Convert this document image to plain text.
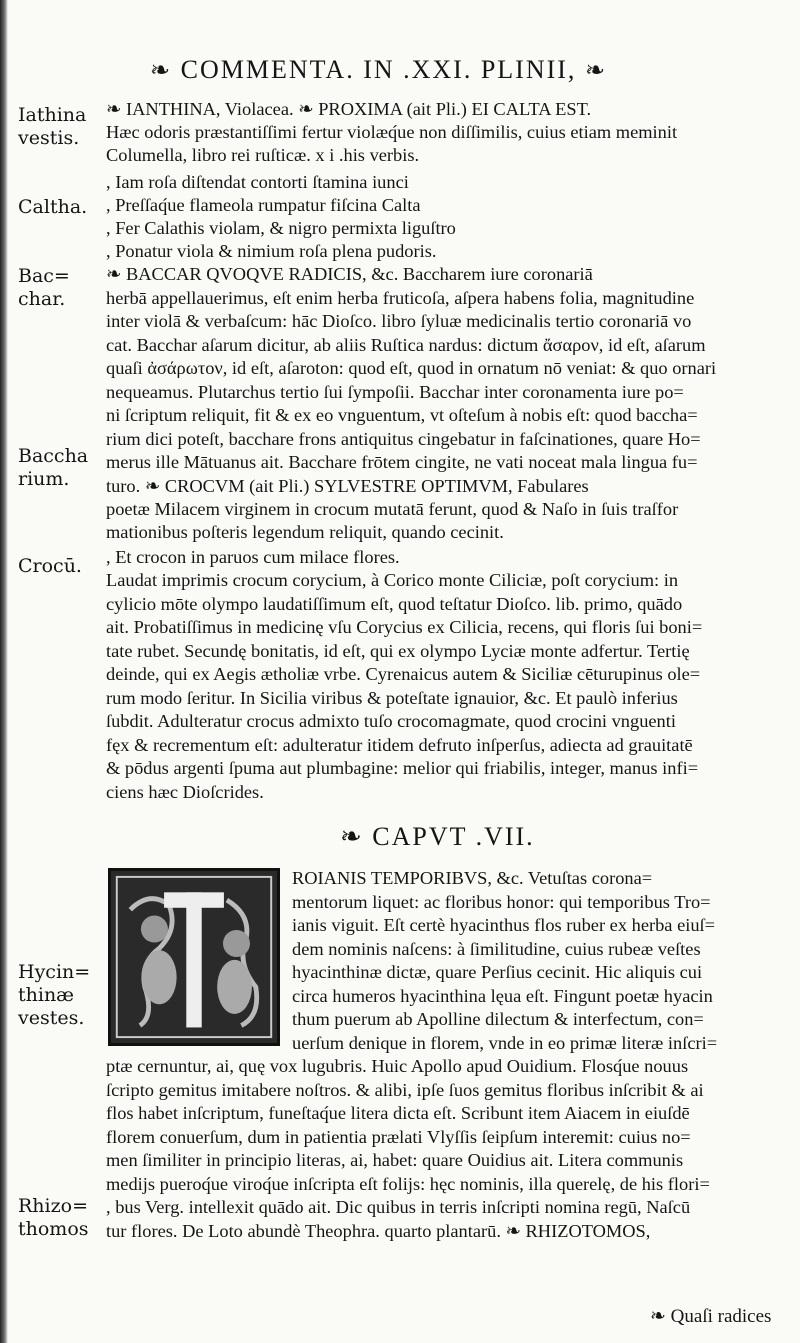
❧ COMMENTA. IN .XXI. PLINII, ❧
Iathina vestis.
Caltha.
Bac= char.
Baccha rium.
Crocū.
Hycin= thinæ vestes.
Rhizo= thomos
❧ IANTHINA, Violacea. ❧ PROXIMA (ait Pli.) EI CALTA EST.
Hæc odoris præstantiſſimi fertur violæq́ue non diſſimilis, cuius etiam meminit
Columella, libro rei ruſticæ. x i .his verbis.
, Iam roſa diſtendat contorti ſtamina iunci
, Preſſaq́ue flameola rumpatur fiſcina Calta
, Fer Calathis violam, & nigro permixta liguſtro
, Ponatur viola & nimium roſa plena pudoris.
❧ BACCAR QVOQVE RADICIS, &c. Baccharem iure coronariā
herbā appellauerimus, eſt enim herba fruticoſa, aſpera habens folia, magnitudine
inter violā & verbaſcum: hāc Dioſco. libro ſyluæ medicinalis tertio coronariā vo
cat. Bacchar aſarum dicitur, ab aliis Ruſtica nardus: dictum ἄσαρον, id eſt, aſarum
quaſi ἀσάρωτον, id eſt, aſaroton: quod eſt, quod in ornatum nō veniat: & quo ornari
nequeamus. Plutarchus tertio ſui ſympoſii. Bacchar inter coronamenta iure po=
ni ſcriptum reliquit, fit & ex eo vnguentum, vt oſteſum à nobis eſt: quod baccha=
rium dici poteſt, bacchare frons antiquitus cingebatur in faſcinationes, quare Ho=
merus ille Mātuanus ait. Bacchare frōtem cingite, ne vati noceat mala lingua fu=
turo. ❧ CROCVM (ait Pli.) SYLVESTRE OPTIMVM, Fabulares
poetæ Milacem virginem in crocum mutatā ferunt, quod & Naſo in ſuis traſfor
mationibus poſteris legendum reliquit, quando cecinit.
, Et crocon in paruos cum milace flores.
Laudat imprimis crocum corycium, à Corico monte Ciliciæ, poſt corycium: in
cylicio mōte olympo laudatiſſimum eſt, quod teſtatur Dioſco. lib. primo, quādo
ait. Probatiſſimus in medicinę vſu Corycius ex Cilicia, recens, qui floris ſui boni=
tate rubet. Secundę bonitatis, id eſt, qui ex olympo Lyciæ monte adfertur. Tertię
deinde, qui ex Aegis ætholiæ vrbe. Cyrenaicus autem & Siciliæ cēturupinus ole=
rum modo ſeritur. In Sicilia viribus & poteſtate ignauior, &c. Et paulò inferius
ſubdit. Adulteratur crocus admixto tuſo crocomagmate, quod crocini vnguenti
fęx & recrementum eſt: adulteratur itidem defruto inſperſus, adiecta ad grauitatē
& pōdus argenti ſpuma aut plumbagine: melior qui friabilis, integer, manus infi=
ciens hæc Dioſcrides.
❧ CAPVT .VII.
T
ROIANIS TEMPORIBVS, &c. Vetuſtas corona=
mentorum liquet: ac floribus honor: qui temporibus Tro=
ianis viguit. Eſt certè hyacinthus flos ruber ex herba eiuſ=
dem nominis naſcens: à ſimilitudine, cuius rubeæ veſtes
hyacinthinæ dictæ, quare Perſius cecinit. Hic aliquis cui
circa humeros hyacinthina lęua eſt. Fingunt poetæ hyacin
thum puerum ab Apolline dilectum & interfectum, con=
uerſum denique in florem, vnde in eo primæ literæ inſcri=
ptæ cernuntur, ai, quę vox lugubris. Huic Apollo apud Ouidium. Flosq́ue nouus
ſcripto gemitus imitabere noſtros. & alibi, ipſe ſuos gemitus floribus inſcribit & ai
flos habet inſcriptum, funeſtaq́ue litera dicta eſt. Scribunt item Aiacem in eiuſdē
florem conuerſum, dum in patientia prælati Vlyſſis ſeipſum interemit: cuius no=
men ſimiliter in principio literas, ai, habet: quare Ouidius ait. Litera communis
medijs pueroq́ue viroq́ue inſcripta eſt folijs: hęc nominis, illa querelę, de his flori=
, bus Verg. intellexit quādo ait. Dic quibus in terris inſcripti nomina regū, Naſcū
tur flores. De Loto abundè Theophra. quarto plantarū. ❧ RHIZOTOMOS,
❧ Quaſi radices
